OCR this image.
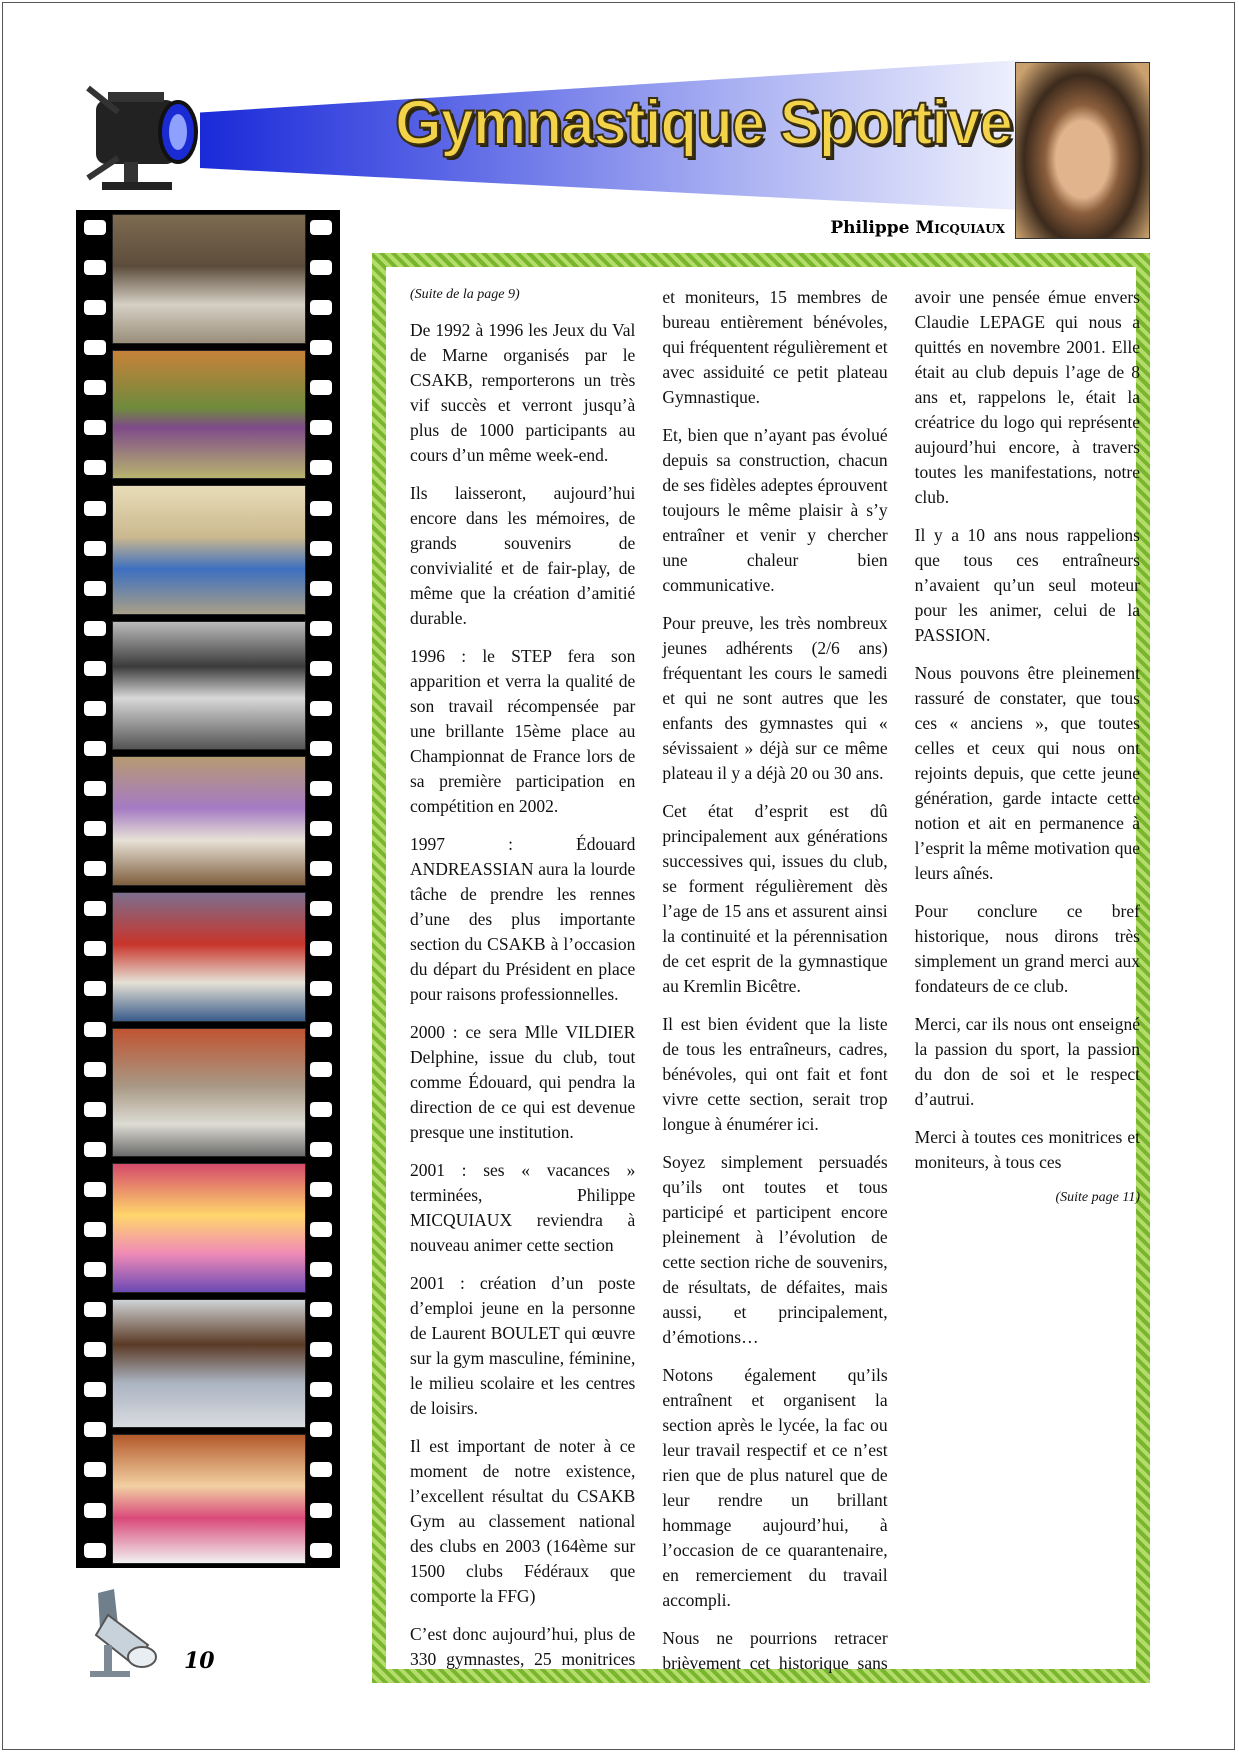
Gymnastique Sportive
Philippe Micquiaux
10

(Suite de la page 9)

De 1992 à 1996 les Jeux du Val de Marne organisés par le CSAKB, remporterons un très vif succès et verront jusqu’à plus de 1000 participants au cours d’un même week-end.

Ils laisseront, aujourd’hui encore dans les mémoires, de grands souvenirs de convivialité et de fair-play, de même que la création d’amitié durable.

1996 : le STEP fera son apparition et verra la qualité de son travail récompensée par une brillante 15ème place au Championnat de France lors de sa première participation en compétition en 2002.

1997 : Édouard ANDREASSIAN aura la lourde tâche de prendre les rennes d’une des plus importante section du CSAKB à l’occasion du départ du Président en place pour raisons professionnelles.

2000 : ce sera Mlle VILDIER Delphine, issue du club, tout comme Édouard, qui pendra la direction de ce qui est devenue presque une institution.

2001 : ses « vacances » terminées, Philippe MICQUIAUX reviendra à nouveau animer cette section

2001 : création d’un poste d’emploi jeune en la personne de Laurent BOULET qui œuvre sur la gym masculine, féminine, le milieu scolaire et les centres de loisirs.

Il est important de noter à ce moment de notre existence, l’excellent résultat du CSAKB Gym au classement national des clubs en 2003 (164ème sur 1500 clubs Fédéraux que comporte la FFG)

C’est donc aujourd’hui, plus de 330 gymnastes, 25 monitrices et moniteurs, 15 membres de bureau entièrement bénévoles, qui fréquentent régulièrement et avec assiduité ce petit plateau Gymnastique.

Et, bien que n’ayant pas évolué depuis sa construction, chacun de ses fidèles adeptes éprouvent toujours le même plaisir à s’y entraîner et venir y chercher une chaleur bien communicative.

Pour preuve, les très nombreux jeunes adhérents (2/6 ans) fréquentant les cours le samedi et qui ne sont autres que les enfants des gymnastes qui « sévissaient » déjà sur ce même plateau il y a déjà 20 ou 30 ans.

Cet état d’esprit est dû principalement aux générations successives qui, issues du club, se forment régulièrement dès l’age de 15 ans et assurent ainsi la continuité et la pérennisation de cet esprit de la gymnastique au Kremlin Bicêtre.

Il est bien évident que la liste de tous les entraîneurs, cadres, bénévoles, qui ont fait et font vivre cette section, serait trop longue à énumérer ici.

Soyez simplement persuadés qu’ils ont toutes et tous participé et participent encore pleinement à l’évolution de cette section riche de souvenirs, de résultats, de défaites, mais aussi, et principalement, d’émotions…

Notons également qu’ils entraînent et organisent la section après le lycée, la fac ou leur travail respectif et ce n’est rien que de plus naturel que de leur rendre un brillant hommage aujourd’hui, à l’occasion de ce quarantenaire, en remerciement du travail accompli.

Nous ne pourrions retracer brièvement cet historique sans avoir une pensée émue envers Claudie LEPAGE qui nous a quittés en novembre 2001. Elle était au club depuis l’age de 8 ans et, rappelons le, était la créatrice du logo qui représente aujourd’hui encore, à travers toutes les manifestations, notre club.

Il y a 10 ans nous rappelions que tous ces entraîneurs n’avaient qu’un seul moteur pour les animer, celui de la PASSION.

Nous pouvons être pleinement rassuré de constater, que tous ces « anciens », que toutes celles et ceux qui nous ont rejoints depuis, que cette jeune génération, garde intacte cette notion et ait en permanence à l’esprit la même motivation que leurs aînés.

Pour conclure ce bref historique, nous dirons très simplement un grand merci aux fondateurs de ce club.

Merci, car ils nous ont enseigné la passion du sport, la passion du don de soi et le respect d’autrui.

Merci à toutes ces monitrices et moniteurs, à tous ces

(Suite page 11)
